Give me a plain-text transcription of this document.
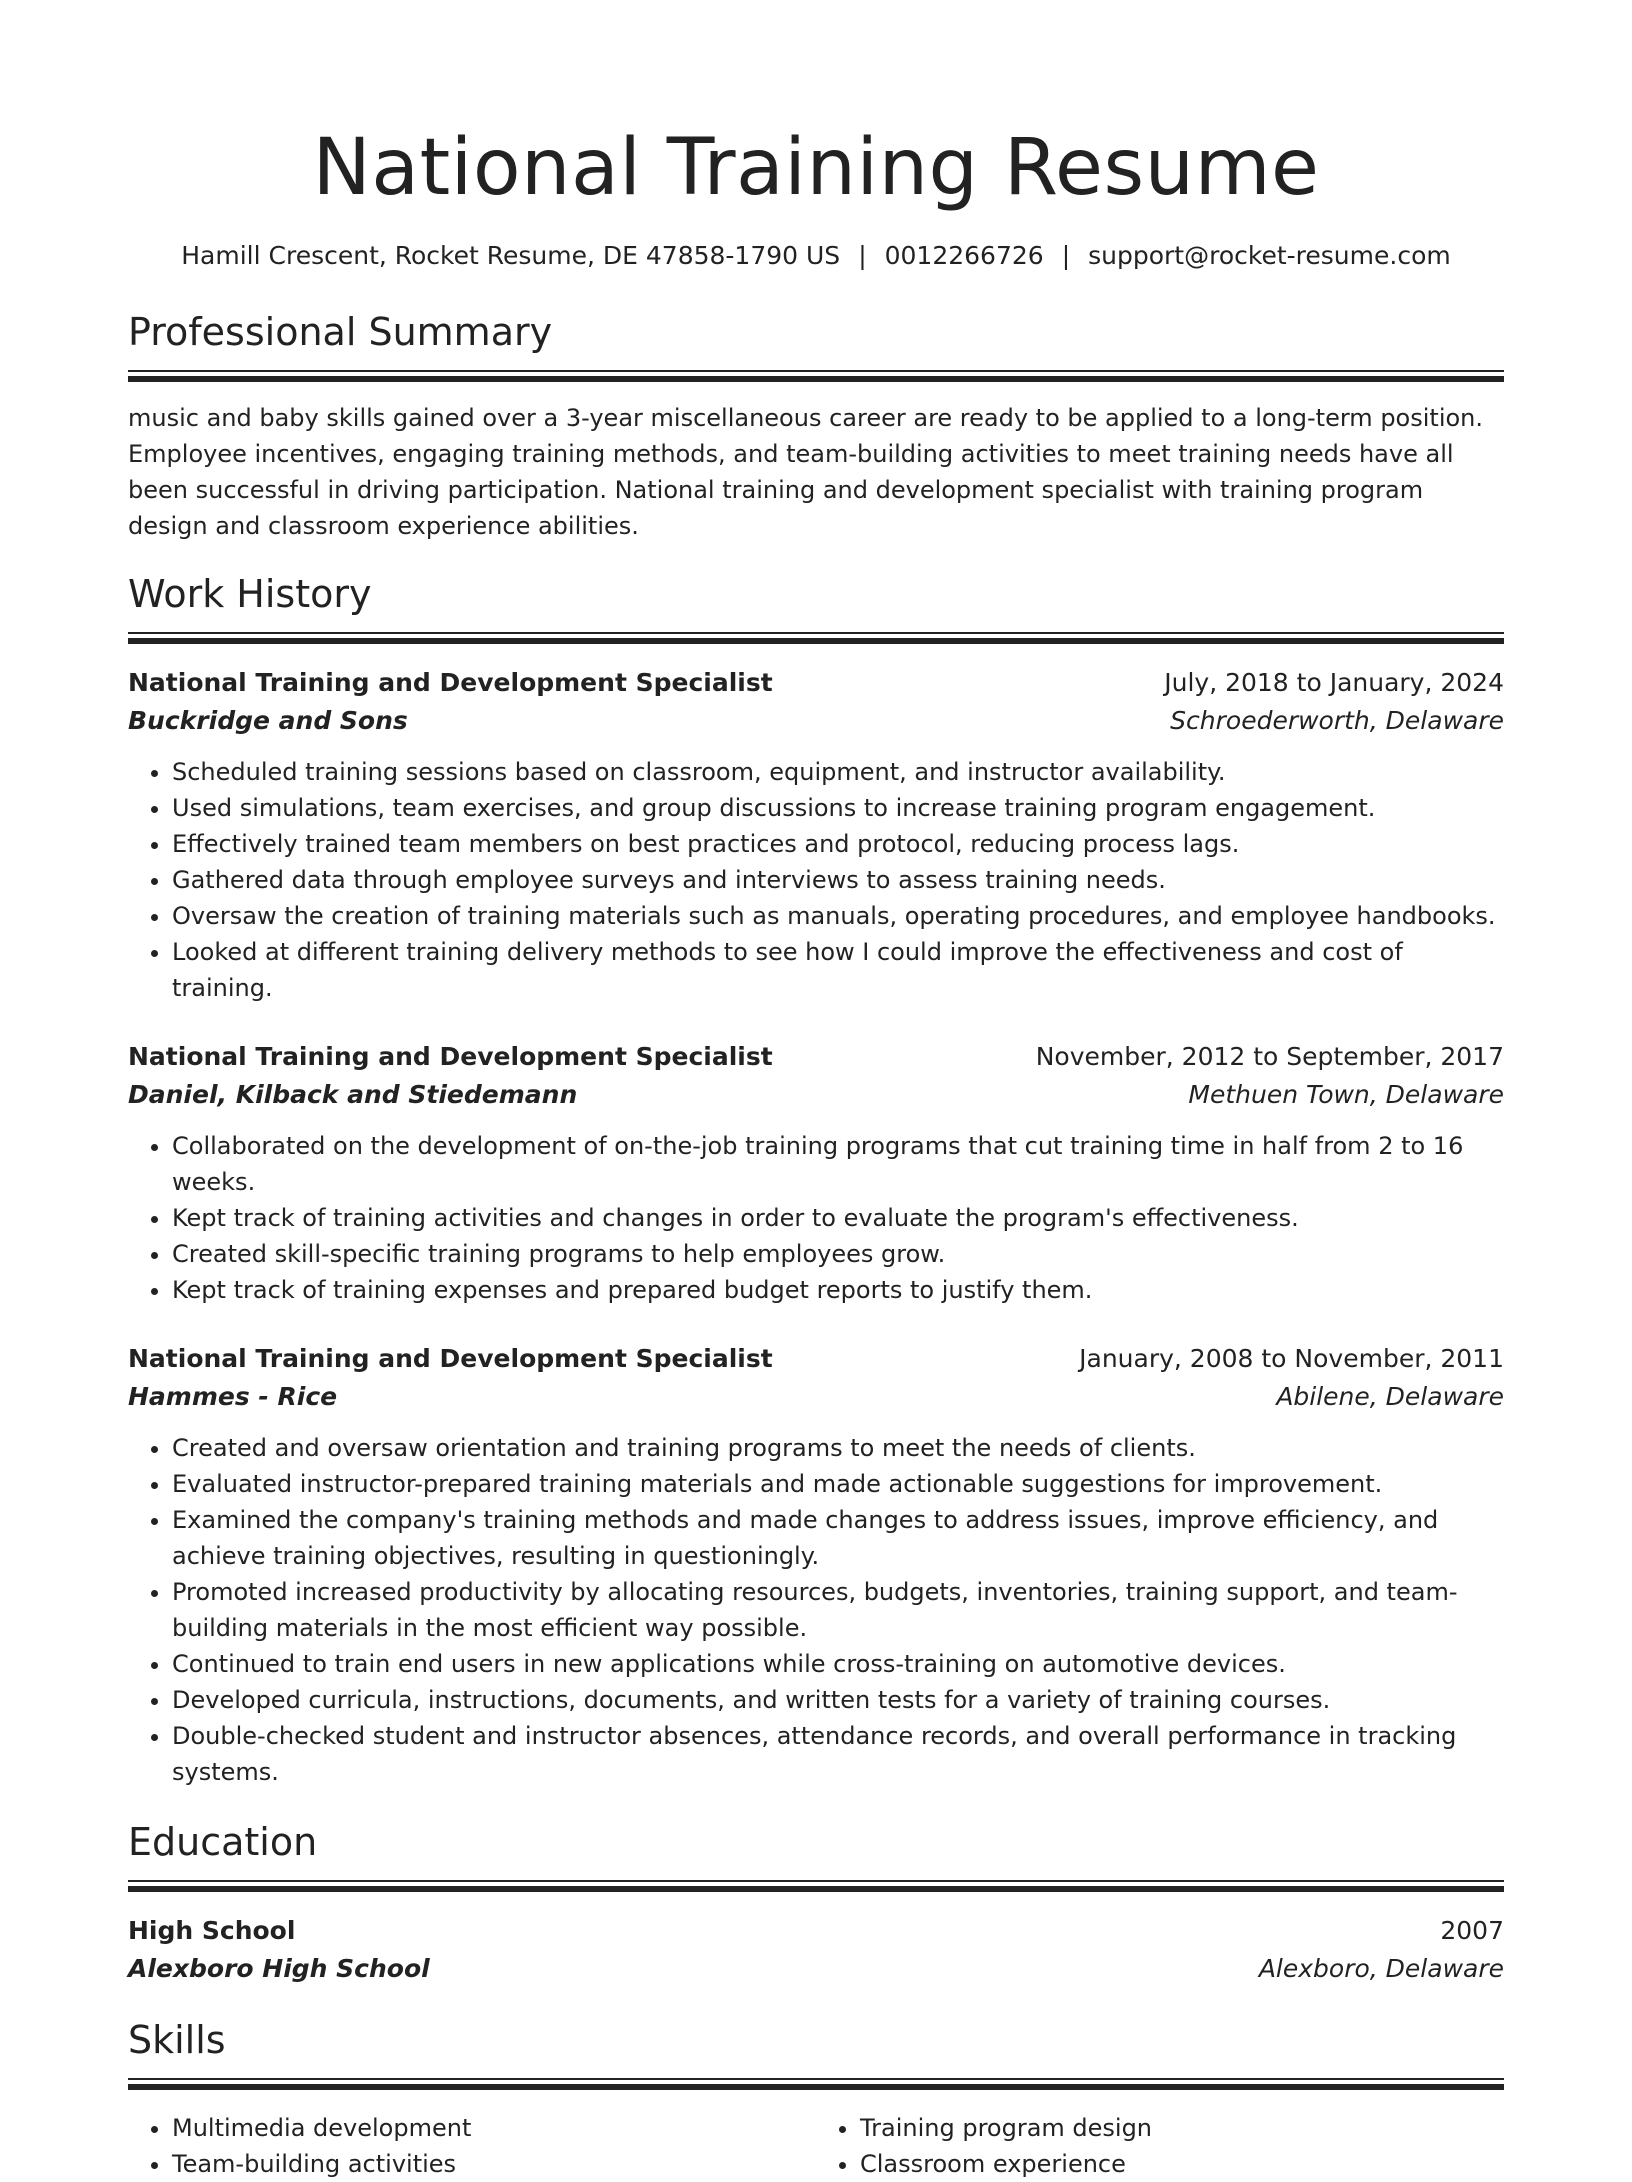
National Training Resume
Hamill Crescent, Rocket Resume, DE 47858-1790 US | 0012266726 | support@rocket-resume.com
Professional Summary

music and baby skills gained over a 3-year miscellaneous career are ready to be applied to a long-term position. Employee incentives, engaging training methods, and team-building activities to meet training needs have all been successful in driving participation. National training and development specialist with training program design and classroom experience abilities.

Work History
National Training and Development Specialist	July, 2018 to January, 2024
Buckridge and Sons	Schroederworth, Delaware
• Scheduled training sessions based on classroom, equipment, and instructor availability.
• Used simulations, team exercises, and group discussions to increase training program engagement.
• Effectively trained team members on best practices and protocol, reducing process lags.
• Gathered data through employee surveys and interviews to assess training needs.
• Oversaw the creation of training materials such as manuals, operating procedures, and employee handbooks.
• Looked at different training delivery methods to see how I could improve the effectiveness and cost of training.
National Training and Development Specialist	November, 2012 to September, 2017
Daniel, Kilback and Stiedemann	Methuen Town, Delaware
• Collaborated on the development of on-the-job training programs that cut training time in half from 2 to 16 weeks.
• Kept track of training activities and changes in order to evaluate the program's effectiveness.
• Created skill-specific training programs to help employees grow.
• Kept track of training expenses and prepared budget reports to justify them.
National Training and Development Specialist	January, 2008 to November, 2011
Hammes - Rice	Abilene, Delaware
• Created and oversaw orientation and training programs to meet the needs of clients.
• Evaluated instructor-prepared training materials and made actionable suggestions for improvement.
• Examined the company's training methods and made changes to address issues, improve efficiency, and achieve training objectives, resulting in questioningly.
• Promoted increased productivity by allocating resources, budgets, inventories, training support, and team-building materials in the most efficient way possible.
• Continued to train end users in new applications while cross-training on automotive devices.
• Developed curricula, instructions, documents, and written tests for a variety of training courses.
• Double-checked student and instructor absences, attendance records, and overall performance in tracking systems.
Education
High School	2007
Alexboro High School	Alexboro, Delaware
Skills
• Multimedia development
• Team-building activities
• Training program design
• Classroom experience
